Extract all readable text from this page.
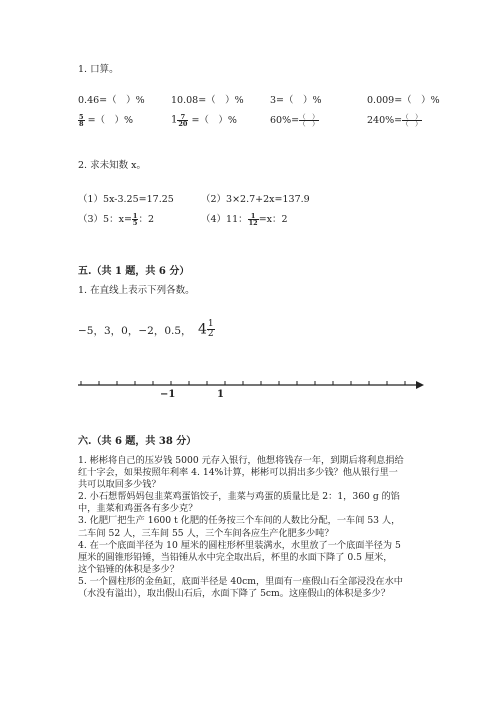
1. 口算。
0.46=（　）%	10.08=（　）%	3=（　）%	0.009=（　）%
$\frac{5}{8}$ =（　）%	$1 \frac{7}{20}$ =（　）%	$60\%= \frac{( )}{( )}$	$240\%= \frac{( )}{( )}$
2. 求未知数 x。
（1）5x-3.25=17.25	（2）3×2.7+2x=137.9
（3）5：$x= \frac{1}{5}$ ：2	（4）11： $\frac{1}{12} =x$：2
五.（共 1 题，共 6 分）
1. 在直线上表示下列各数。
−5，3，0，−2，0.5， $4 \frac{1}{2}$
−1	1
六.（共 6 题，共 38 分）

1. 彬彬将自己的压岁钱 5000 元存入银行，他想将钱存一年，到期后将利息捐给

红十字会，如果按照年利率 4. 14%计算，彬彬可以捐出多少钱？他从银行里一

共可以取回多少钱？

2. 小石想帮妈妈包韭菜鸡蛋馅饺子，韭菜与鸡蛋的质量比是 2：1，360 g 的馅

中，韭菜和鸡蛋各有多少克？

3. 化肥厂把生产 1600 t 化肥的任务按三个车间的人数比分配，一车间 53 人，

二车间 52 人，三车间 55 人，三个车间各应生产化肥多少吨？

4. 在一个底面半径为 10 厘米的圆柱形杯里装满水，水里放了一个底面半径为 5

厘米的圆锥形铅锤，当铅锤从水中完全取出后，杯里的水面下降了 0.5 厘米，

这个铅锤的体积是多少？

5. 一个圆柱形的金鱼缸，底面半径是 40cm，里面有一座假山石全部浸没在水中

（水没有溢出），取出假山石后，水面下降了 5cm。这座假山的体积是多少？
